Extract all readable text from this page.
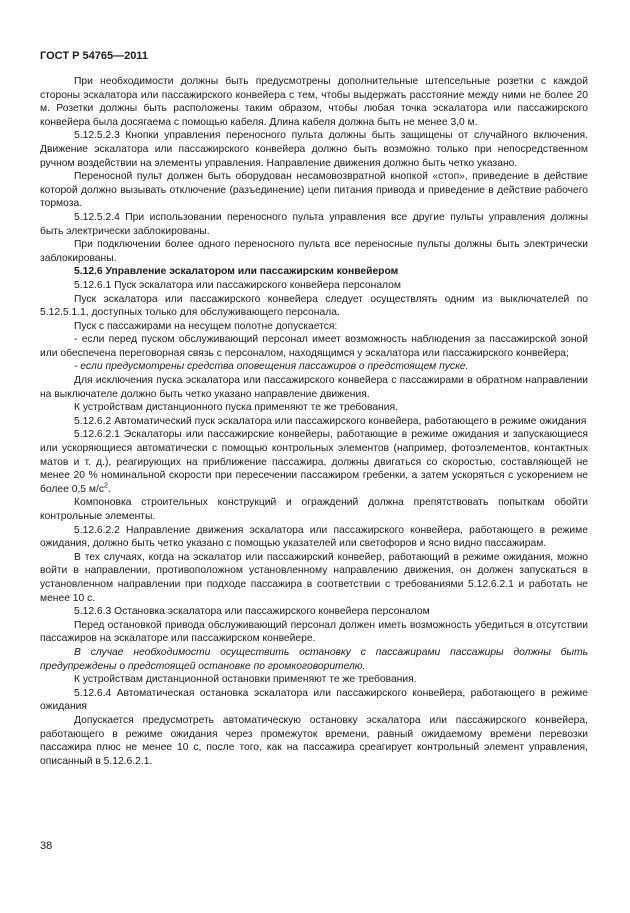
ГОСТ Р 54765—2011

При необходимости должны быть предусмотрены дополнительные штепсельные розетки с каждой стороны эскалатора или пассажирского конвейера с тем, чтобы выдержать расстояние между ними не более 20 м. Розетки должны быть расположены таким образом, чтобы любая точка эскалатора или пассажирского конвейера была досягаема с помощью кабеля. Длина кабеля должна быть не менее 3,0 м.

5.12.5.2.3 Кнопки управления переносного пульта должны быть защищены от случайного включения. Движение эскалатора или пассажирского конвейера должно быть возможно только при непосредственном ручном воздействии на элементы управления. Направление движения должно быть четко указано.

Переносной пульт должен быть оборудован несамовозвратной кнопкой «стоп», приведение в действие которой должно вызывать отключение (разъединение) цепи питания привода и приведение в действие рабочего тормоза.

5.12.5.2.4 При использовании переносного пульта управления все другие пульты управления должны быть электрически заблокированы.

При подключении более одного переносного пульта все переносные пульты должны быть электрически заблокированы.

5.12.6 Управление эскалатором или пассажирским конвейером

5.12.6.1 Пуск эскалатора или пассажирского конвейера персоналом

Пуск эскалатора или пассажирского конвейера следует осуществлять одним из выключателей по 5.12.5.1.1, доступных только для обслуживающего персонала.

Пуск с пассажирами на несущем полотне допускается:

- если перед пуском обслуживающий персонал имеет возможность наблюдения за пассажирской зоной или обеспечена переговорная связь с персоналом, находящимся у эскалатора или пассажирского конвейера;

- если предусмотрены средства оповещения пассажиров о предстоящем пуске.

Для исключения пуска эскалатора или пассажирского конвейера с пассажирами в обратном направлении на выключателе должно быть четко указано направление движения.

К устройствам дистанционного пуска применяют те же требования.

5.12.6.2 Автоматический пуск эскалатора или пассажирского конвейера, работающего в режиме ожидания

5.12.6.2.1 Эскалаторы или пассажирские конвейеры, работающие в режиме ожидания и запускающиеся или ускоряющиеся автоматически с помощью контрольных элементов (например, фотоэлементов, контактных матов и т. д.), реагирующих на приближение пассажира, должны двигаться со скоростью, составляющей не менее 20 % номинальной скорости при пересечении пассажиром гребенки, а затем ускоряться с ускорением не более 0,5 $м/с^2$.

Компоновка строительных конструкций и ограждений должна препятствовать попыткам обойти контрольные элементы.

5.12.6.2.2 Направление движения эскалатора или пассажирского конвейера, работающего в режиме ожидания, должно быть четко указано с помощью указателей или светофоров и ясно видно пассажирам.

В тех случаях, когда на эскалатор или пассажирский конвейер, работающий в режиме ожидания, можно войти в направлении, противоположном установленному направлению движения, он должен запускаться в установленном направлении при подходе пассажира в соответствии с требованиями 5.12.6.2.1 и работать не менее 10 с.

5.12.6.3 Остановка эскалатора или пассажирского конвейера персоналом

Перед остановкой привода обслуживающий персонал должен иметь возможность убедиться в отсутствии пассажиров на эскалаторе или пассажирском конвейере.

В случае необходимости осуществить остановку с пассажирами пассажиры должны быть предупреждены о предстоящей остановке по громкоговорителю.

К устройствам дистанционной остановки применяют те же требования.

5.12.6.4 Автоматическая остановка эскалатора или пассажирского конвейера, работающего в режиме ожидания

Допускается предусмотреть автоматическую остановку эскалатора или пассажирского конвейера, работающего в режиме ожидания через промежуток времени, равный ожидаемому времени перевозки пассажира плюс не менее 10 с, после того, как на пассажира среагирует контрольный элемент управления, описанный в 5.12.6.2.1.

38
